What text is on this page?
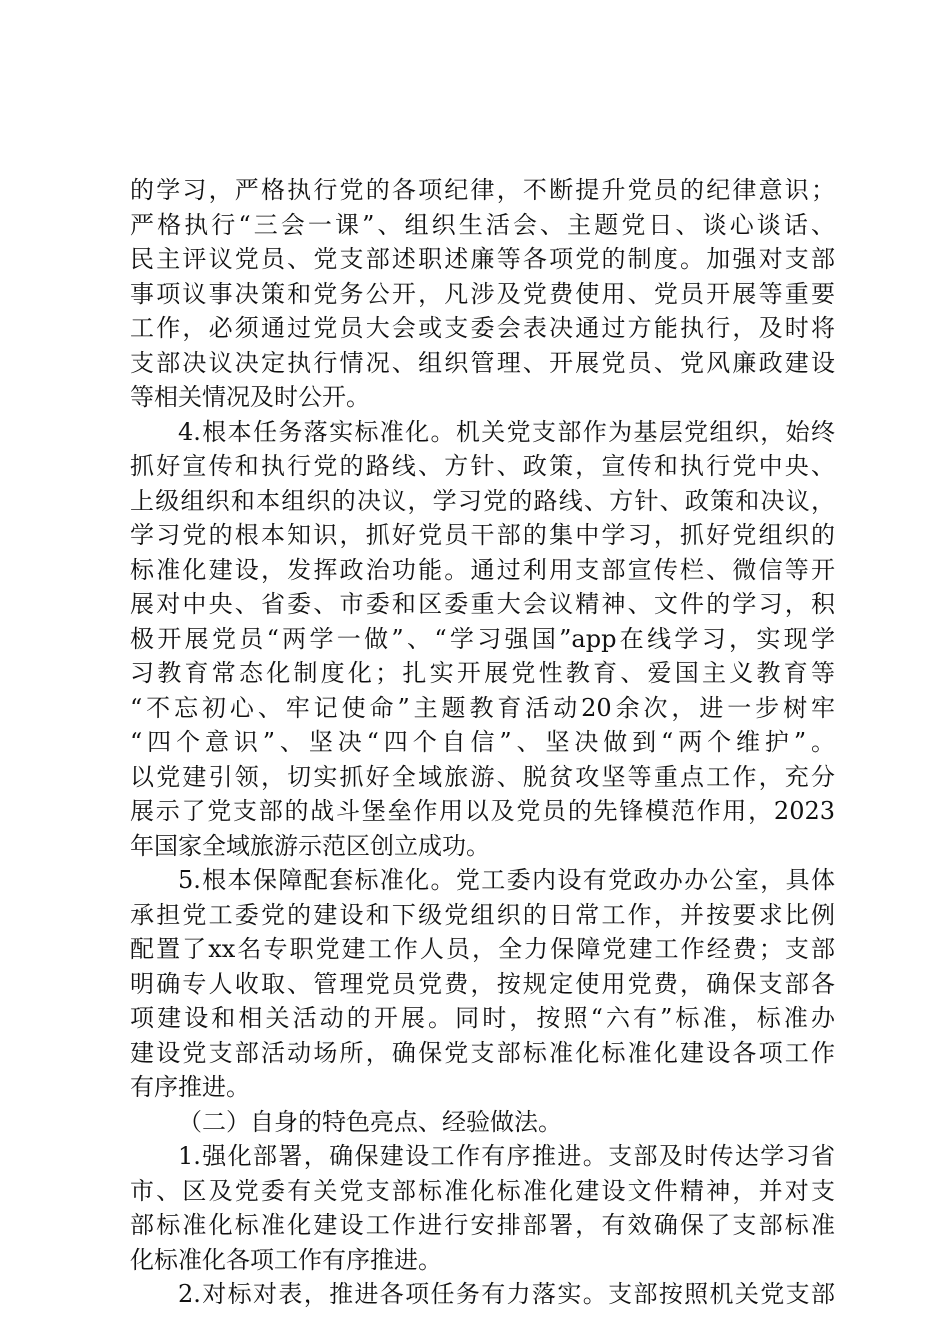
的学习，严格执行党的各项纪律，不断提升党员的纪律意识；
严格执行“三会一课”、组织生活会、主题党日、谈心谈话、
民主评议党员、党支部述职述廉等各项党的制度。加强对支部
事项议事决策和党务公开，凡涉及党费使用、党员开展等重要
工作，必须通过党员大会或支委会表决通过方能执行，及时将
支部决议决定执行情况、组织管理、开展党员、党风廉政建设
等相关情况及时公开。
4.根本任务落实标准化。机关党支部作为基层党组织，始终
抓好宣传和执行党的路线、方针、政策，宣传和执行党中央、
上级组织和本组织的决议，学习党的路线、方针、政策和决议，
学习党的根本知识，抓好党员干部的集中学习，抓好党组织的
标准化建设，发挥政治功能。通过利用支部宣传栏、微信等开
展对中央、省委、市委和区委重大会议精神、文件的学习，积
极开展党员“两学一做”、“学习强国”app在线学习，实现学
习教育常态化制度化；扎实开展党性教育、爱国主义教育等
“不忘初心、牢记使命”主题教育活动20余次，进一步树牢
“四个意识”、坚决“四个自信”、坚决做到“两个维护”。
以党建引领，切实抓好全域旅游、脱贫攻坚等重点工作，充分
展示了党支部的战斗堡垒作用以及党员的先锋模范作用，2023
年国家全域旅游示范区创立成功。
5.根本保障配套标准化。党工委内设有党政办办公室，具体
承担党工委党的建设和下级党组织的日常工作，并按要求比例
配置了xx名专职党建工作人员，全力保障党建工作经费；支部
明确专人收取、管理党员党费，按规定使用党费，确保支部各
项建设和相关活动的开展。同时，按照“六有”标准，标准办
建设党支部活动场所，确保党支部标准化标准化建设各项工作
有序推进。
（二）自身的特色亮点、经验做法。
1.强化部署，确保建设工作有序推进。支部及时传达学习省
市、区及党委有关党支部标准化标准化建设文件精神，并对支
部标准化标准化建设工作进行安排部署，有效确保了支部标准
化标准化各项工作有序推进。
2.对标对表，推进各项任务有力落实。支部按照机关党支部
